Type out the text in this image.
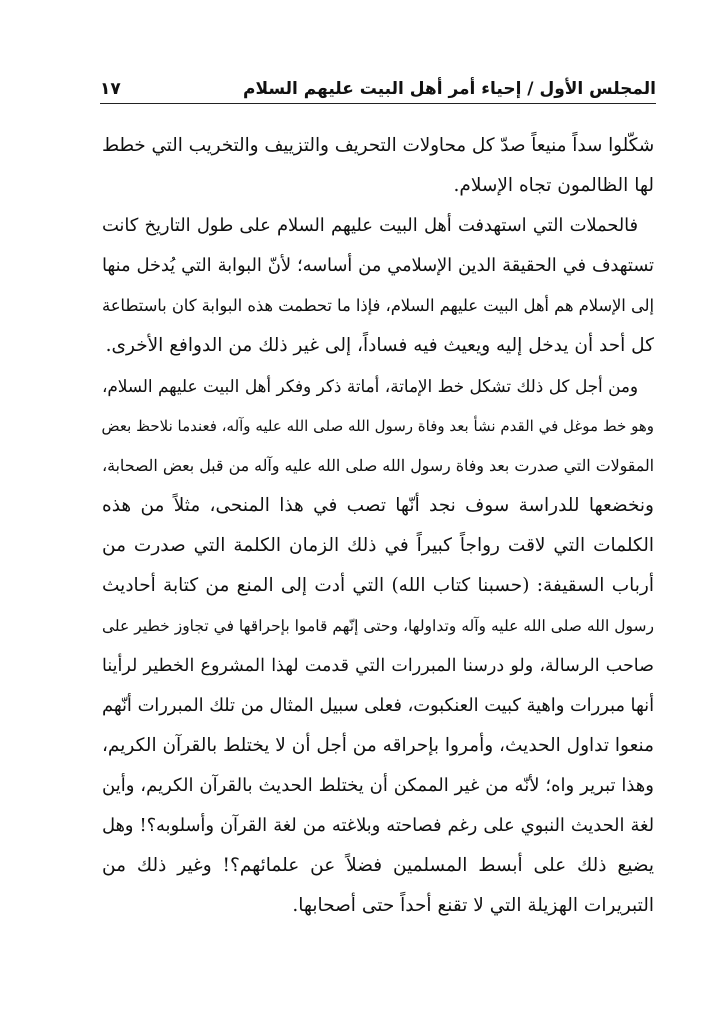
المجلس الأول / إحياء أمر أهل البيت عليهم السلام
١٧
شكّلوا سداً منيعاً صدّ كل محاولات التحريف والتزييف والتخريب التي خطط
لها الظالمون تجاه الإسلام.
فالحملات التي استهدفت أهل البيت عليهم السلام على طول التاريخ كانت
تستهدف في الحقيقة الدين الإسلامي من أساسه؛ لأنّ البوابة التي يُدخل منها
إلى الإسلام هم أهل البيت عليهم السلام، فإذا ما تحطمت هذه البوابة كان باستطاعة
كل أحد أن يدخل إليه ويعيث فيه فساداً، إلى غير ذلك من الدوافع الأخرى.
ومن أجل كل ذلك تشكل خط الإماتة، أماتة ذكر وفكر أهل البيت عليهم السلام،
وهو خط موغل في القدم نشأ بعد وفاة رسول الله صلى الله عليه وآله، فعندما نلاحظ بعض
المقولات التي صدرت بعد وفاة رسول الله صلى الله عليه وآله من قبل بعض الصحابة،
ونخضعها للدراسة سوف نجد أنّها تصب في هذا المنحى، مثلاً من هذه
الكلمات التي لاقت رواجاً كبيراً في ذلك الزمان الكلمة التي صدرت من
أرباب السقيفة: (حسبنا كتاب الله) التي أدت إلى المنع من كتابة أحاديث
رسول الله صلى الله عليه وآله وتداولها، وحتى إنّهم قاموا بإحراقها في تجاوز خطير على
صاحب الرسالة، ولو درسنا المبررات التي قدمت لهذا المشروع الخطير لرأينا
أنها مبررات واهية كبيت العنكبوت، فعلى سبيل المثال من تلك المبررات أنّهم
منعوا تداول الحديث، وأمروا بإحراقه من أجل أن لا يختلط بالقرآن الكريم،
وهذا تبرير واه؛ لأنّه من غير الممكن أن يختلط الحديث بالقرآن الكريم، وأين
لغة الحديث النبوي على رغم فصاحته وبلاغته من لغة القرآن وأسلوبه؟! وهل
يضيع ذلك على أبسط المسلمين فضلاً عن علمائهم؟! وغير ذلك من
التبريرات الهزيلة التي لا تقنع أحداً حتى أصحابها.
